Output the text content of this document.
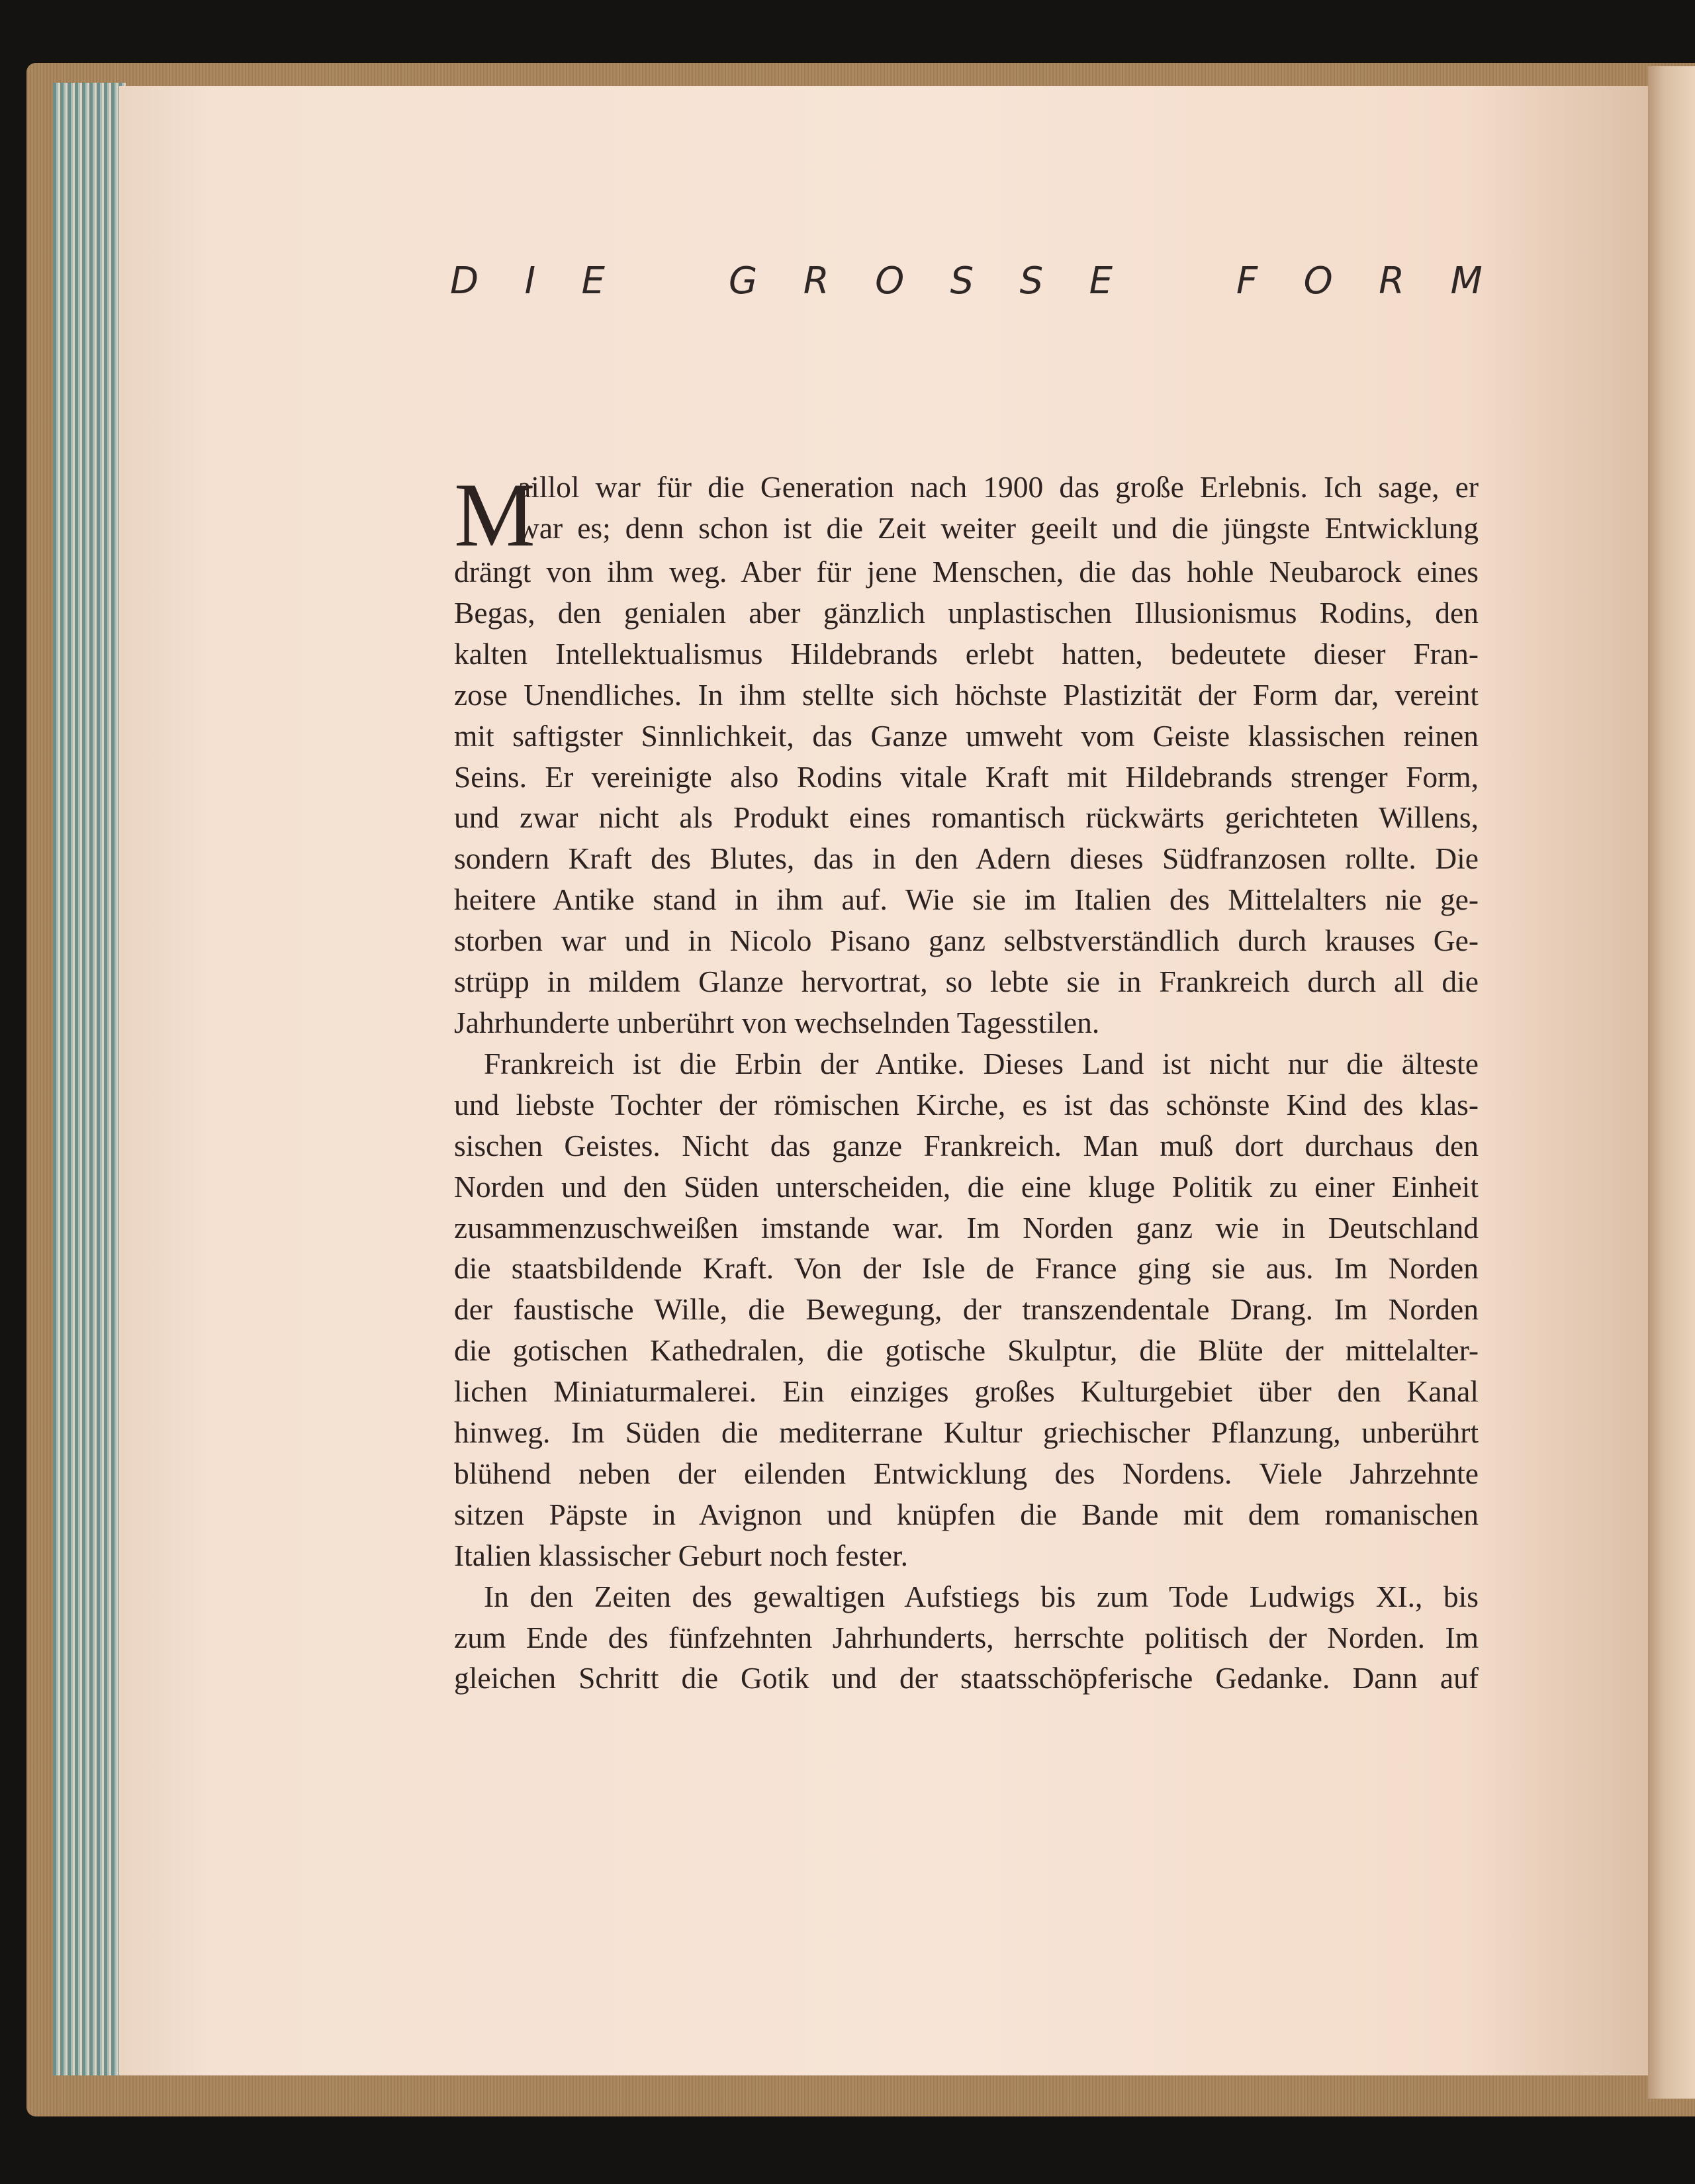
D I E	G R O S S E	F O R M
M

aillol war für die Generation nach 1900 das große Erlebnis. Ich sage, er

war es; denn schon ist die Zeit weiter geeilt und die jüngste Entwicklung

drängt von ihm weg. Aber für jene Menschen, die das hohle Neubarock eines

Begas, den genialen aber gänzlich unplastischen Illusionismus Rodins, den

kalten Intellektualismus Hildebrands erlebt hatten, bedeutete dieser Fran-

zose Unendliches. In ihm stellte sich höchste Plastizität der Form dar, vereint

mit saftigster Sinnlichkeit, das Ganze umweht vom Geiste klassischen reinen

Seins. Er vereinigte also Rodins vitale Kraft mit Hildebrands strenger Form,

und zwar nicht als Produkt eines romantisch rückwärts gerichteten Willens,

sondern Kraft des Blutes, das in den Adern dieses Südfranzosen rollte. Die

heitere Antike stand in ihm auf. Wie sie im Italien des Mittelalters nie ge-

storben war und in Nicolo Pisano ganz selbstverständlich durch krauses Ge-

strüpp in mildem Glanze hervortrat, so lebte sie in Frankreich durch all die

Jahrhunderte unberührt von wechselnden Tagesstilen.

Frankreich ist die Erbin der Antike. Dieses Land ist nicht nur die älteste

und liebste Tochter der römischen Kirche, es ist das schönste Kind des klas-

sischen Geistes. Nicht das ganze Frankreich. Man muß dort durchaus den

Norden und den Süden unterscheiden, die eine kluge Politik zu einer Einheit

zusammenzuschweißen imstande war. Im Norden ganz wie in Deutschland

die staatsbildende Kraft. Von der Isle de France ging sie aus. Im Norden

der faustische Wille, die Bewegung, der transzendentale Drang. Im Norden

die gotischen Kathedralen, die gotische Skulptur, die Blüte der mittelalter-

lichen Miniaturmalerei. Ein einziges großes Kulturgebiet über den Kanal

hinweg. Im Süden die mediterrane Kultur griechischer Pflanzung, unberührt

blühend neben der eilenden Entwicklung des Nordens. Viele Jahrzehnte

sitzen Päpste in Avignon und knüpfen die Bande mit dem romanischen

Italien klassischer Geburt noch fester.

In den Zeiten des gewaltigen Aufstiegs bis zum Tode Ludwigs XI., bis

zum Ende des fünfzehnten Jahrhunderts, herrschte politisch der Norden. Im

gleichen Schritt die Gotik und der staatsschöpferische Gedanke. Dann auf
